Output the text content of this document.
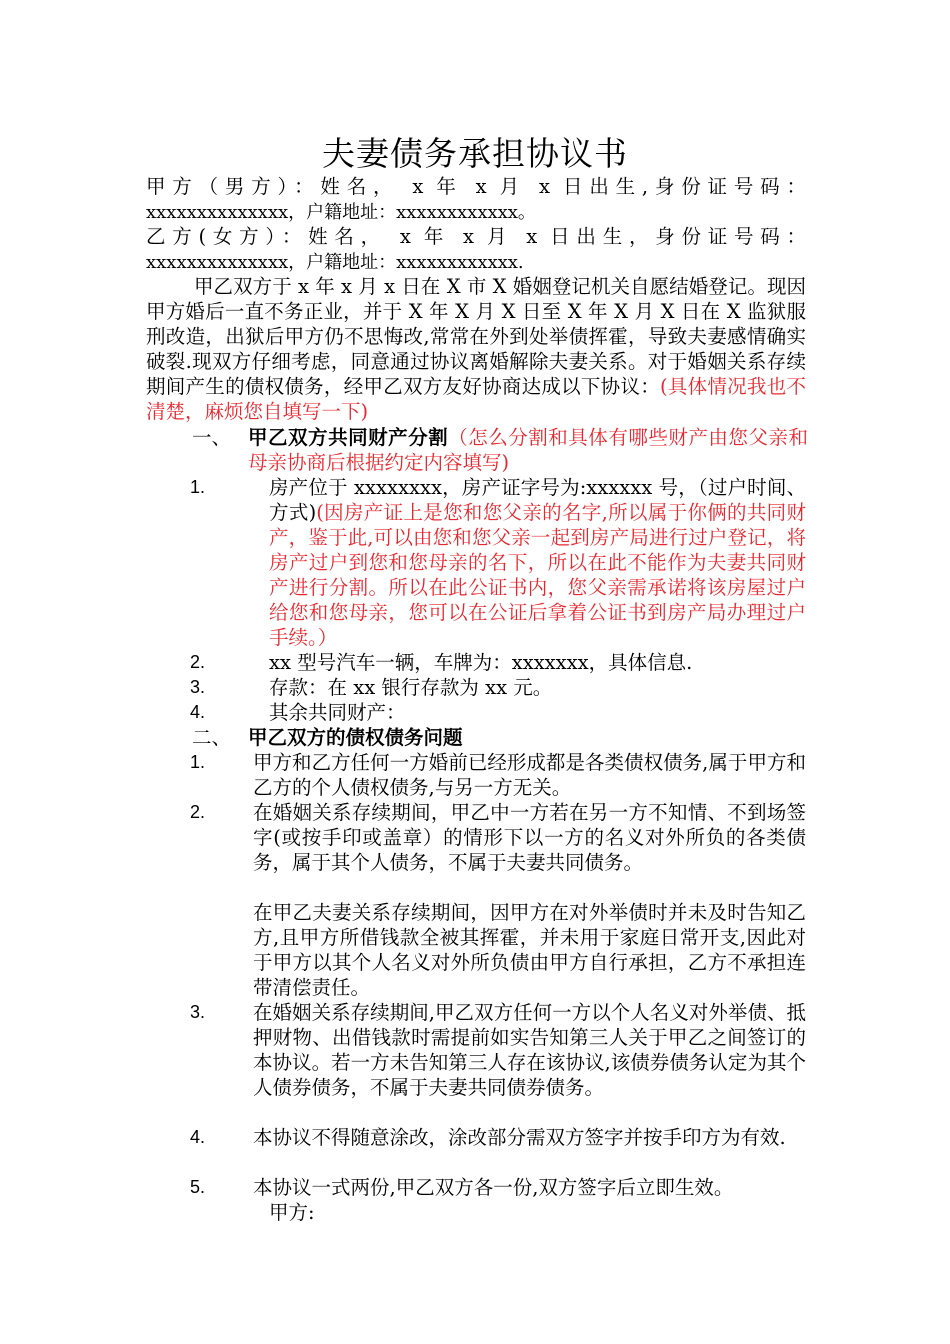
夫妻债务承担协议书
甲方（男方）：姓名， x 年 x 月 x 日出生,身份证号码：
xxxxxxxxxxxxxx，户籍地址：xxxxxxxxxxxx。
乙方(女方）：姓名， x 年 x 月 x 日出生，身份证号码：
xxxxxxxxxxxxxx，户籍地址：xxxxxxxxxxxx.

甲乙双方于 x 年 x 月 x 日在 X 市 X 婚姻登记机关自愿结婚登记。现因甲方婚后一直不务正业，并于 X 年 X 月 X 日至 X 年 X 月 X 日在 X 监狱服刑改造，出狱后甲方仍不思悔改,常常在外到处举债挥霍，导致夫妻感情确实破裂.现双方仔细考虑，同意通过协议离婚解除夫妻关系。对于婚姻关系存续期间产生的债权债务，经甲乙双方友好协商达成以下协议：(具体情况我也不清楚，麻烦您自填写一下)

一、 甲乙双方共同财产分割（怎么分割和具体有哪些财产由您父亲和母亲协商后根据约定内容填写)

1.	房产位于 xxxxxxxx，房产证字号为:xxxxxx 号，（过户时间、方式)(因房产证上是您和您父亲的名字,所以属于你俩的共同财产，鉴于此,可以由您和您父亲一起到房产局进行过户登记，将房产过户到您和您母亲的名下，所以在此不能作为夫妻共同财产进行分割。所以在此公证书内，您父亲需承诺将该房屋过户给您和您母亲，您可以在公证后拿着公证书到房产局办理过户手续。）

2.	xx 型号汽车一辆，车牌为：xxxxxxx，具体信息.
3.	存款：在 xx 银行存款为 xx 元。
4.	其余共同财产：
二、 甲乙双方的债权债务问题
1. 甲方和乙方任何一方婚前已经形成都是各类债权债务,属于甲方和乙方的个人债权债务,与另一方无关。

2. 在婚姻关系存续期间，甲乙中一方若在另一方不知情、不到场签字(或按手印或盖章）的情形下以一方的名义对外所负的各类债务，属于其个人债务，不属于夫妻共同债务。

在甲乙夫妻关系存续期间，因甲方在对外举债时并未及时告知乙方,且甲方所借钱款全被其挥霍，并未用于家庭日常开支,因此对于甲方以其个人名义对外所负债由甲方自行承担，乙方不承担连带清偿责任。

3. 在婚姻关系存续期间,甲乙双方任何一方以个人名义对外举债、抵押财物、出借钱款时需提前如实告知第三人关于甲乙之间签订的本协议。若一方未告知第三人存在该协议,该债券债务认定为其个人债券债务，不属于夫妻共同债券债务。

4. 本协议不得随意涂改，涂改部分需双方签字并按手印方为有效.

5. 本协议一式两份,甲乙双方各一份,双方签字后立即生效。
甲方:
